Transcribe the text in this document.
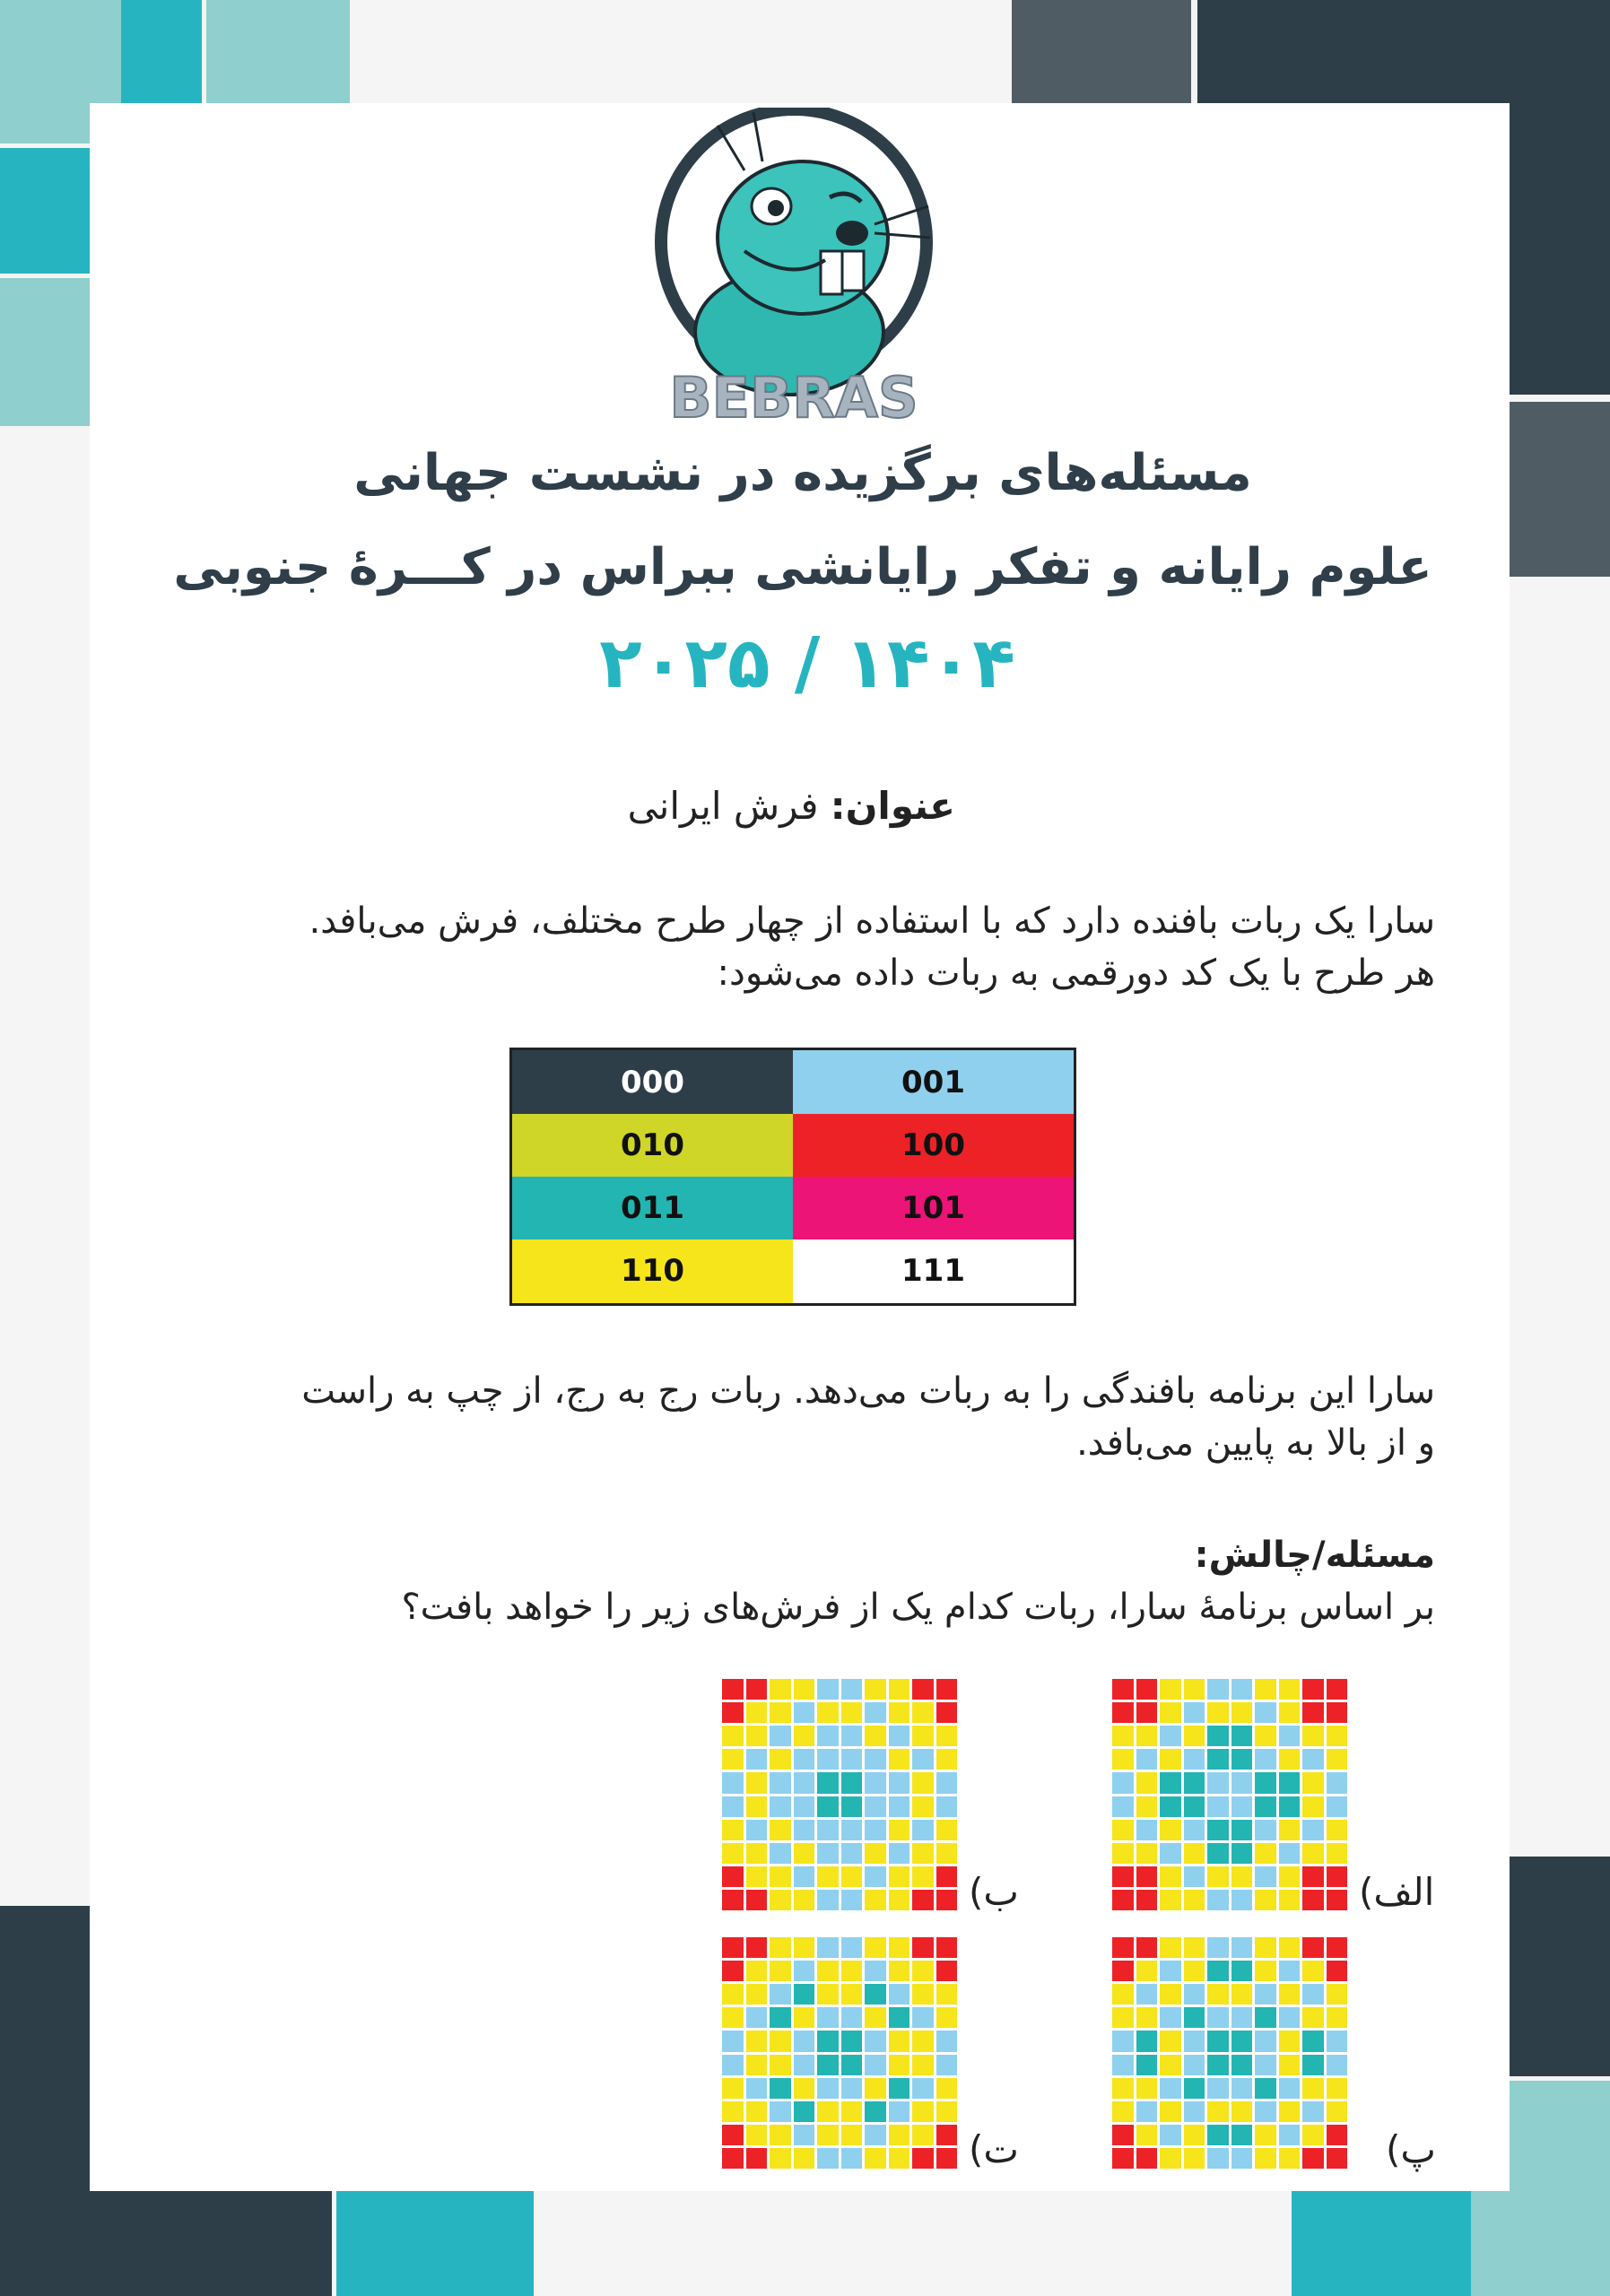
BEBRAS
مسئله‌های برگزیده در نشست جهانی
علوم رایانه و تفکر رایانشی ببراس در کـــرهٔ جنوبی
۲۰۲۵ / ۱۴۰۴
عنوان: فرش ایرانی
سارا یک ربات بافنده دارد که با استفاده از چهار طرح مختلف، فرش می‌بافد.
هر طرح با یک کد دورقمی به ربات داده می‌شود:
000	001
010	100
011	101
110	111
سارا این برنامه بافندگی را به ربات می‌دهد. ربات رج به رج، از چپ به راست
و از بالا به پایین می‌بافد.
مسئله/چالش:
بر اساس برنامهٔ سارا، ربات کدام یک از فرش‌های زیر را خواهد بافت؟
الف)
ب)
پ)
ت)
